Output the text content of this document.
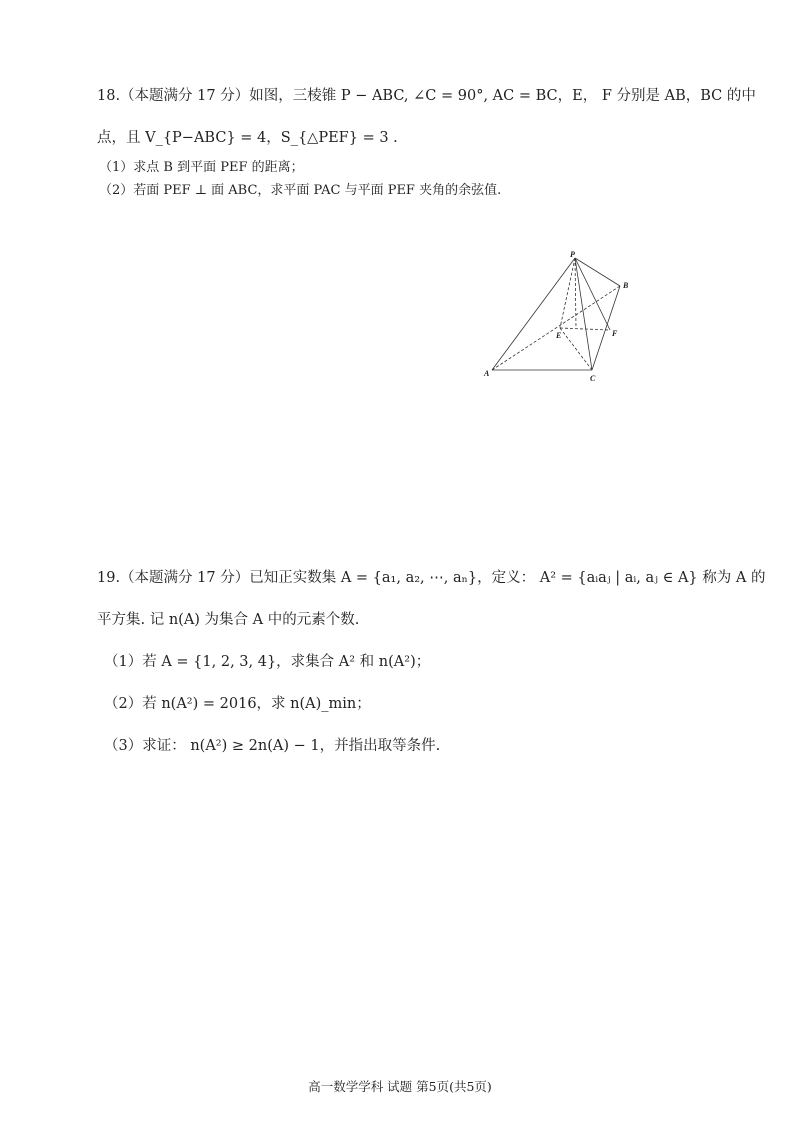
18.（本题满分 17 分）如图，三棱锥 P − ABC, ∠C = 90°, AC = BC，E， F 分别是 AB，BC 的中
点，且 V_{P−ABC} = 4，S_{△PEF} = 3 .
（1）求点 B 到平面 PEF 的距离；
（2）若面 PEF ⊥ 面 ABC，求平面 PAC 与平面 PEF 夹角的余弦值.
P
B
E	F
A
C
19.（本题满分 17 分）已知正实数集 A = {a₁, a₂, ⋯, aₙ}，定义： A² = {aᵢaⱼ | aᵢ, aⱼ ∈ A} 称为 A 的
平方集. 记 n(A) 为集合 A 中的元素个数.
（1）若 A = {1, 2, 3, 4}，求集合 A² 和 n(A²)；
（2）若 n(A²) = 2016，求 n(A)_min；
（3）求证： n(A²) ≥ 2n(A) − 1，并指出取等条件.
高一数学学科 试题 第5页(共5页)
